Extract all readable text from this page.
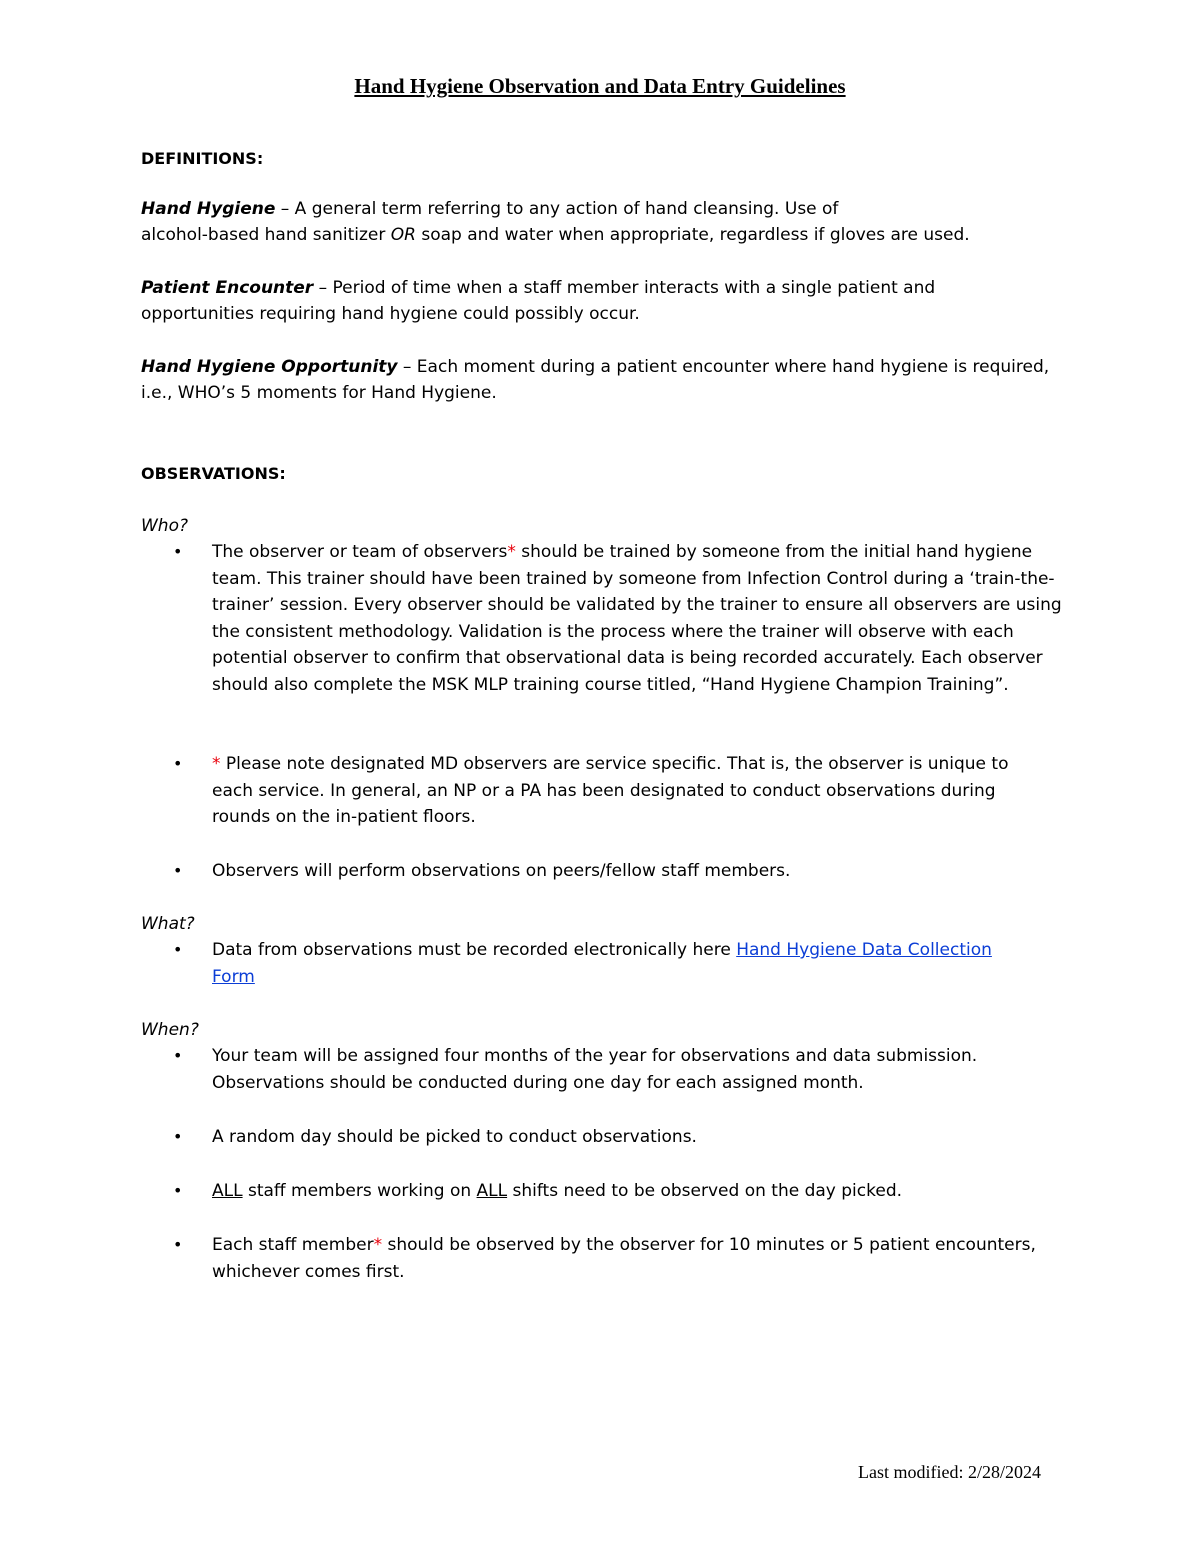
Hand Hygiene Observation and Data Entry Guidelines
DEFINITIONS:
Hand Hygiene – A general term referring to any action of hand cleansing. Use of
alcohol-based hand sanitizer OR soap and water when appropriate, regardless if gloves are used.
Patient Encounter – Period of time when a staff member interacts with a single patient and opportunities requiring hand hygiene could possibly occur.
Hand Hygiene Opportunity – Each moment during a patient encounter where hand hygiene is required, i.e., WHO’s 5 moments for Hand Hygiene.
OBSERVATIONS:
Who?
• The observer or team of observers* should be trained by someone from the initial hand hygiene team. This trainer should have been trained by someone from Infection Control during a ‘train-the-trainer’ session. Every observer should be validated by the trainer to ensure all observers are using the consistent methodology. Validation is the process where the trainer will observe with each potential observer to confirm that observational data is being recorded accurately. Each observer should also complete the MSK MLP training course titled, “Hand Hygiene Champion Training”.
• * Please note designated MD observers are service specific. That is, the observer is unique to each service. In general, an NP or a PA has been designated to conduct observations during rounds on the in-patient floors.
• Observers will perform observations on peers/fellow staff members.
What?
• Data from observations must be recorded electronically here Hand Hygiene Data Collection Form
When?
• Your team will be assigned four months of the year for observations and data submission. Observations should be conducted during one day for each assigned month.
• A random day should be picked to conduct observations.
• ALL staff members working on ALL shifts need to be observed on the day picked.
• Each staff member* should be observed by the observer for 10 minutes or 5 patient encounters, whichever comes first.
Last modified: 2/28/2024
